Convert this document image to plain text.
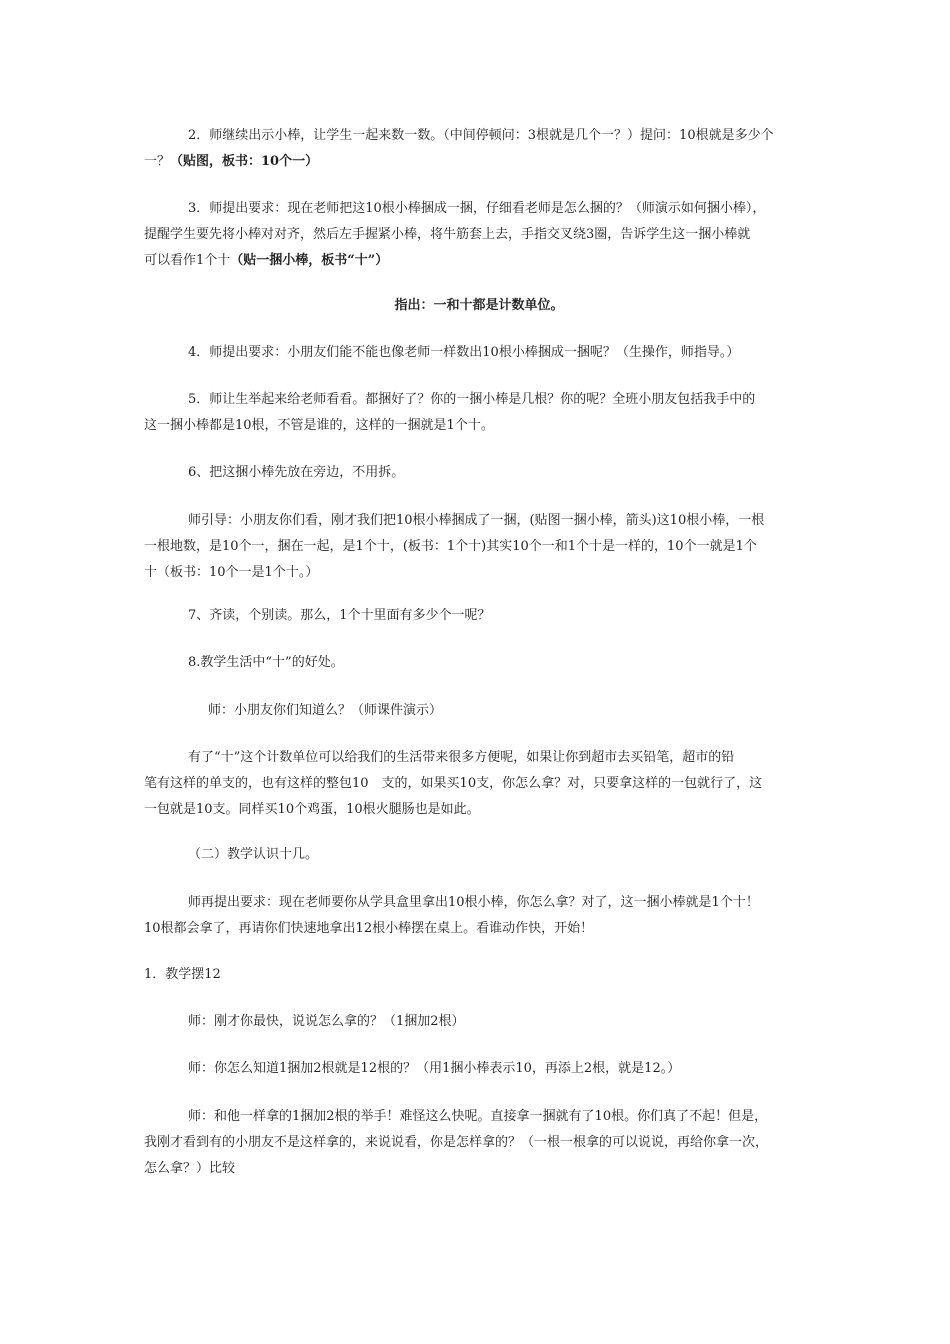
2．师继续出示小棒，让学生一起来数一数。（中间停顿问：3根就是几个一？）提问：10根就是多少个
一？（贴图，板书：10个一）
3．师提出要求：现在老师把这10根小棒捆成一捆，仔细看老师是怎么捆的？（师演示如何捆小棒），
提醒学生要先将小棒对对齐，然后左手握紧小棒，将牛筋套上去，手指交叉绕3圈，告诉学生这一捆小棒就
可以看作1个十（贴一捆小棒，板书“十”）
指出：一和十都是计数单位。
4．师提出要求：小朋友们能不能也像老师一样数出10根小棒捆成一捆呢？（生操作，师指导。）
5．师让生举起来给老师看看。都捆好了？你的一捆小棒是几根？你的呢？全班小朋友包括我手中的
这一捆小棒都是10根，不管是谁的，这样的一捆就是1个十。
6、把这捆小棒先放在旁边，不用拆。
师引导：小朋友你们看，刚才我们把10根小棒捆成了一捆，(贴图一捆小棒，箭头)这10根小棒，一根
一根地数，是10个一，捆在一起，是1个十，(板书：1个十)其实10个一和1个十是一样的，10个一就是1个
十（板书：10个一是1个十。）
7、齐读，个别读。那么，1个十里面有多少个一呢？
8.教学生活中“十”的好处。
师：小朋友你们知道么？（师课件演示）
有了“十”这个计数单位可以给我们的生活带来很多方便呢，如果让你到超市去买铅笔，超市的铅
笔有这样的单支的，也有这样的整包10　支的，如果买10支，你怎么拿？对，只要拿这样的一包就行了，这
一包就是10支。同样买10个鸡蛋，10根火腿肠也是如此。
（二）教学认识十几。
师再提出要求：现在老师要你从学具盒里拿出10根小棒，你怎么拿？对了，这一捆小棒就是1个十！
10根都会拿了，再请你们快速地拿出12根小棒摆在桌上。看谁动作快，开始！
1．教学摆12
师：刚才你最快，说说怎么拿的？（1捆加2根）
师：你怎么知道1捆加2根就是12根的？（用1捆小棒表示10，再添上2根，就是12。）
师：和他一样拿的1捆加2根的举手！难怪这么快呢。直接拿一捆就有了10根。你们真了不起！但是，
我刚才看到有的小朋友不是这样拿的，来说说看，你是怎样拿的？（一根一根拿的可以说说，再给你拿一次，
怎么拿？）比较
